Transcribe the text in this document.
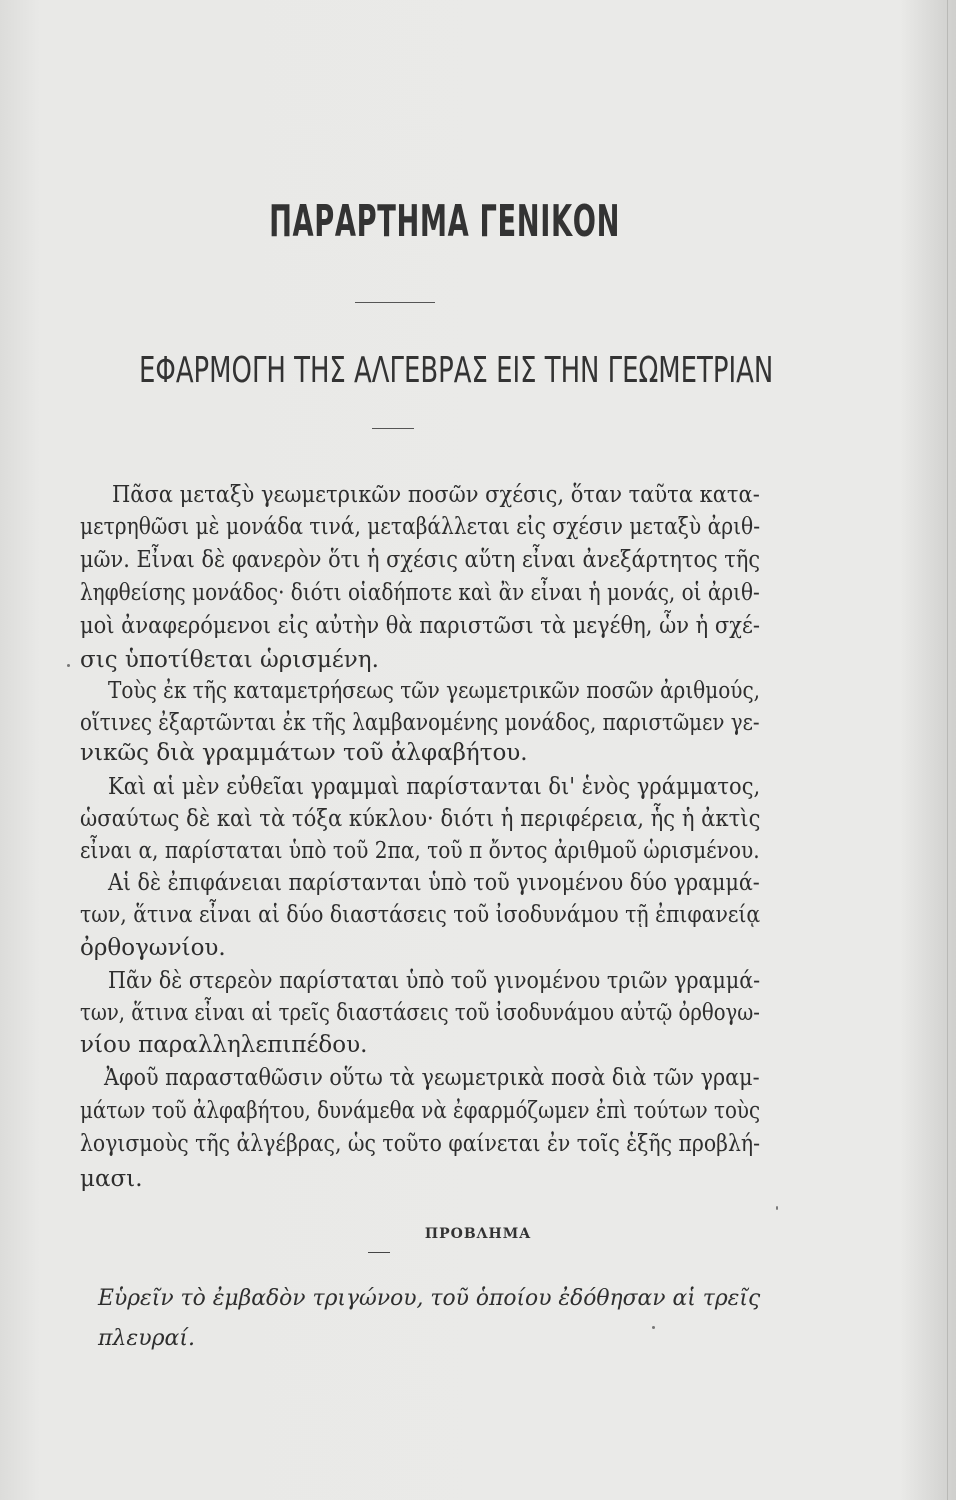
ΠΑΡΑΡΤΗΜΑ ΓΕΝΙΚΟΝ
ΕΦΑΡΜΟΓΗ ΤΗΣ ΑΛΓΕΒΡΑΣ ΕΙΣ ΤΗΝ ΓΕΩΜΕΤΡΙΑΝ
Πᾶσα μεταξὺ γεωμετρικῶν ποσῶν σχέσις, ὅταν ταῦτα κατα-
μετρηθῶσι μὲ μονάδα τινά, μεταβάλλεται εἰς σχέσιν μεταξὺ ἀριθ-
μῶν. Εἶναι δὲ φανερὸν ὅτι ἡ σχέσις αὕτη εἶναι ἀνεξάρτητος τῆς
ληφθείσης μονάδος· διότι οἱαδήποτε καὶ ἂν εἶναι ἡ μονάς, οἱ ἀριθ-
μοὶ ἀναφερόμενοι εἰς αὐτὴν θὰ παριστῶσι τὰ μεγέθη, ὧν ἡ σχέ-
σις ὑποτίθεται ὡρισμένη.
Τοὺς ἐκ τῆς καταμετρήσεως τῶν γεωμετρικῶν ποσῶν ἀριθμούς,
οἵτινες ἐξαρτῶνται ἐκ τῆς λαμβανομένης μονάδος, παριστῶμεν γε-
νικῶς διὰ γραμμάτων τοῦ ἀλφαβήτου.
Καὶ αἱ μὲν εὐθεῖαι γραμμαὶ παρίστανται δι' ἑνὸς γράμματος,
ὡσαύτως δὲ καὶ τὰ τόξα κύκλου· διότι ἡ περιφέρεια, ἧς ἡ ἀκτὶς
εἶναι α, παρίσταται ὑπὸ τοῦ 2πα, τοῦ π ὄντος ἀριθμοῦ ὡρισμένου.
Αἱ δὲ ἐπιφάνειαι παρίστανται ὑπὸ τοῦ γινομένου δύο γραμμά-
των, ἅτινα εἶναι αἱ δύο διαστάσεις τοῦ ἰσοδυνάμου τῇ ἐπιφανείᾳ
ὀρθογωνίου.
Πᾶν δὲ στερεὸν παρίσταται ὑπὸ τοῦ γινομένου τριῶν γραμμά-
των, ἅτινα εἶναι αἱ τρεῖς διαστάσεις τοῦ ἰσοδυνάμου αὐτῷ ὀρθογω-
νίου παραλληλεπιπέδου.
Ἀφοῦ παρασταθῶσιν οὕτω τὰ γεωμετρικὰ ποσὰ διὰ τῶν γραμ-
μάτων τοῦ ἀλφαβήτου, δυνάμεθα νὰ ἐφαρμόζωμεν ἐπὶ τούτων τοὺς
λογισμοὺς τῆς ἀλγέβρας, ὡς τοῦτο φαίνεται ἐν τοῖς ἑξῆς προβλή-
μασι.
ΠΡΟΒΛΗΜΑ
Εὑρεῖν τὸ ἐμβαδὸν τριγώνου, τοῦ ὁποίου ἐδόθησαν αἱ τρεῖς
πλευραί.
